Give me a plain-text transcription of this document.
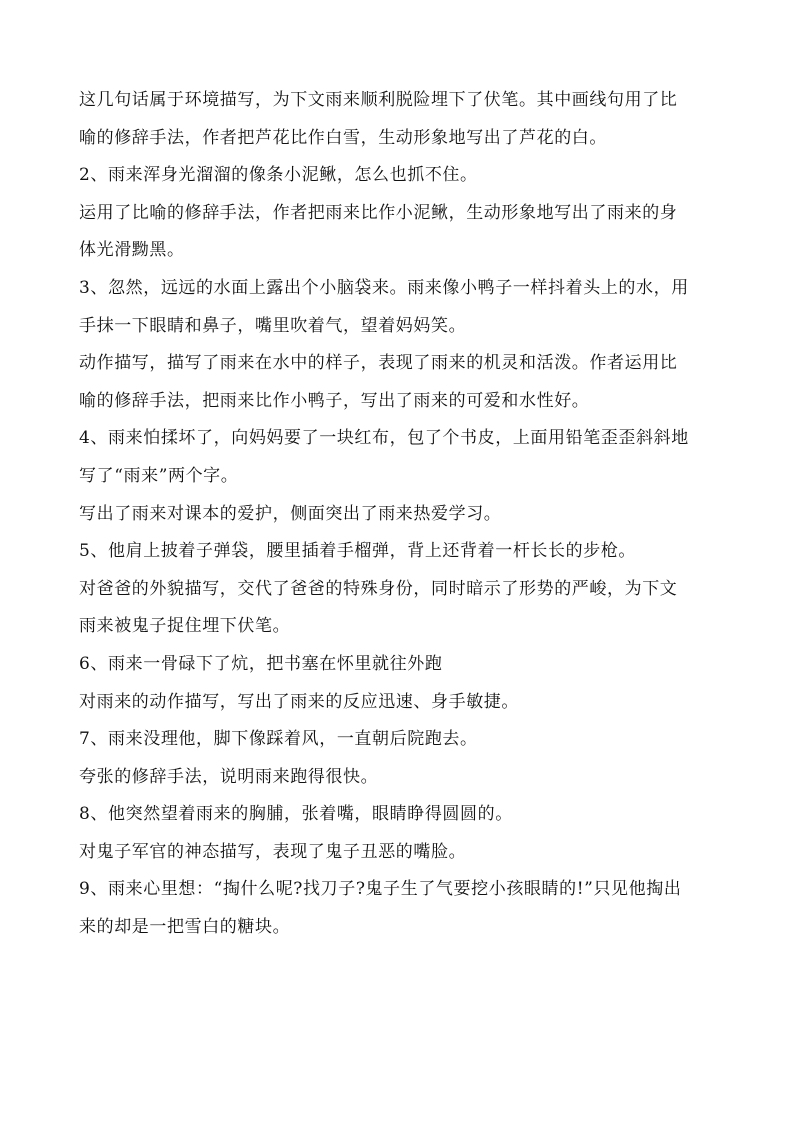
这几句话属于环境描写，为下文雨来顺利脱险埋下了伏笔。其中画线句用了比
喻的修辞手法，作者把芦花比作白雪，生动形象地写出了芦花的白。
2、雨来浑身光溜溜的像条小泥鳅，怎么也抓不住。
运用了比喻的修辞手法，作者把雨来比作小泥鳅，生动形象地写出了雨来的身
体光滑黝黑。
3、忽然，远远的水面上露出个小脑袋来。雨来像小鸭子一样抖着头上的水，用
手抹一下眼睛和鼻子，嘴里吹着气，望着妈妈笑。
动作描写，描写了雨来在水中的样子，表现了雨来的机灵和活泼。作者运用比
喻的修辞手法，把雨来比作小鸭子，写出了雨来的可爱和水性好。
4、雨来怕揉坏了，向妈妈要了一块红布，包了个书皮，上面用铅笔歪歪斜斜地
写了“雨来”两个字。
写出了雨来对课本的爱护，侧面突出了雨来热爱学习。
5、他肩上披着子弹袋，腰里插着手榴弹，背上还背着一杆长长的步枪。
对爸爸的外貌描写，交代了爸爸的特殊身份，同时暗示了形势的严峻，为下文
雨来被鬼子捉住埋下伏笔。
6、雨来一骨碌下了炕，把书塞在怀里就往外跑
对雨来的动作描写，写出了雨来的反应迅速、身手敏捷。
7、雨来没理他，脚下像踩着风，一直朝后院跑去。
夸张的修辞手法，说明雨来跑得很快。
8、他突然望着雨来的胸脯，张着嘴，眼睛睁得圆圆的。
对鬼子军官的神态描写，表现了鬼子丑恶的嘴脸。
9、雨来心里想：“掏什么呢?找刀子?鬼子生了气要挖小孩眼睛的!”只见他掏出
来的却是一把雪白的糖块。
